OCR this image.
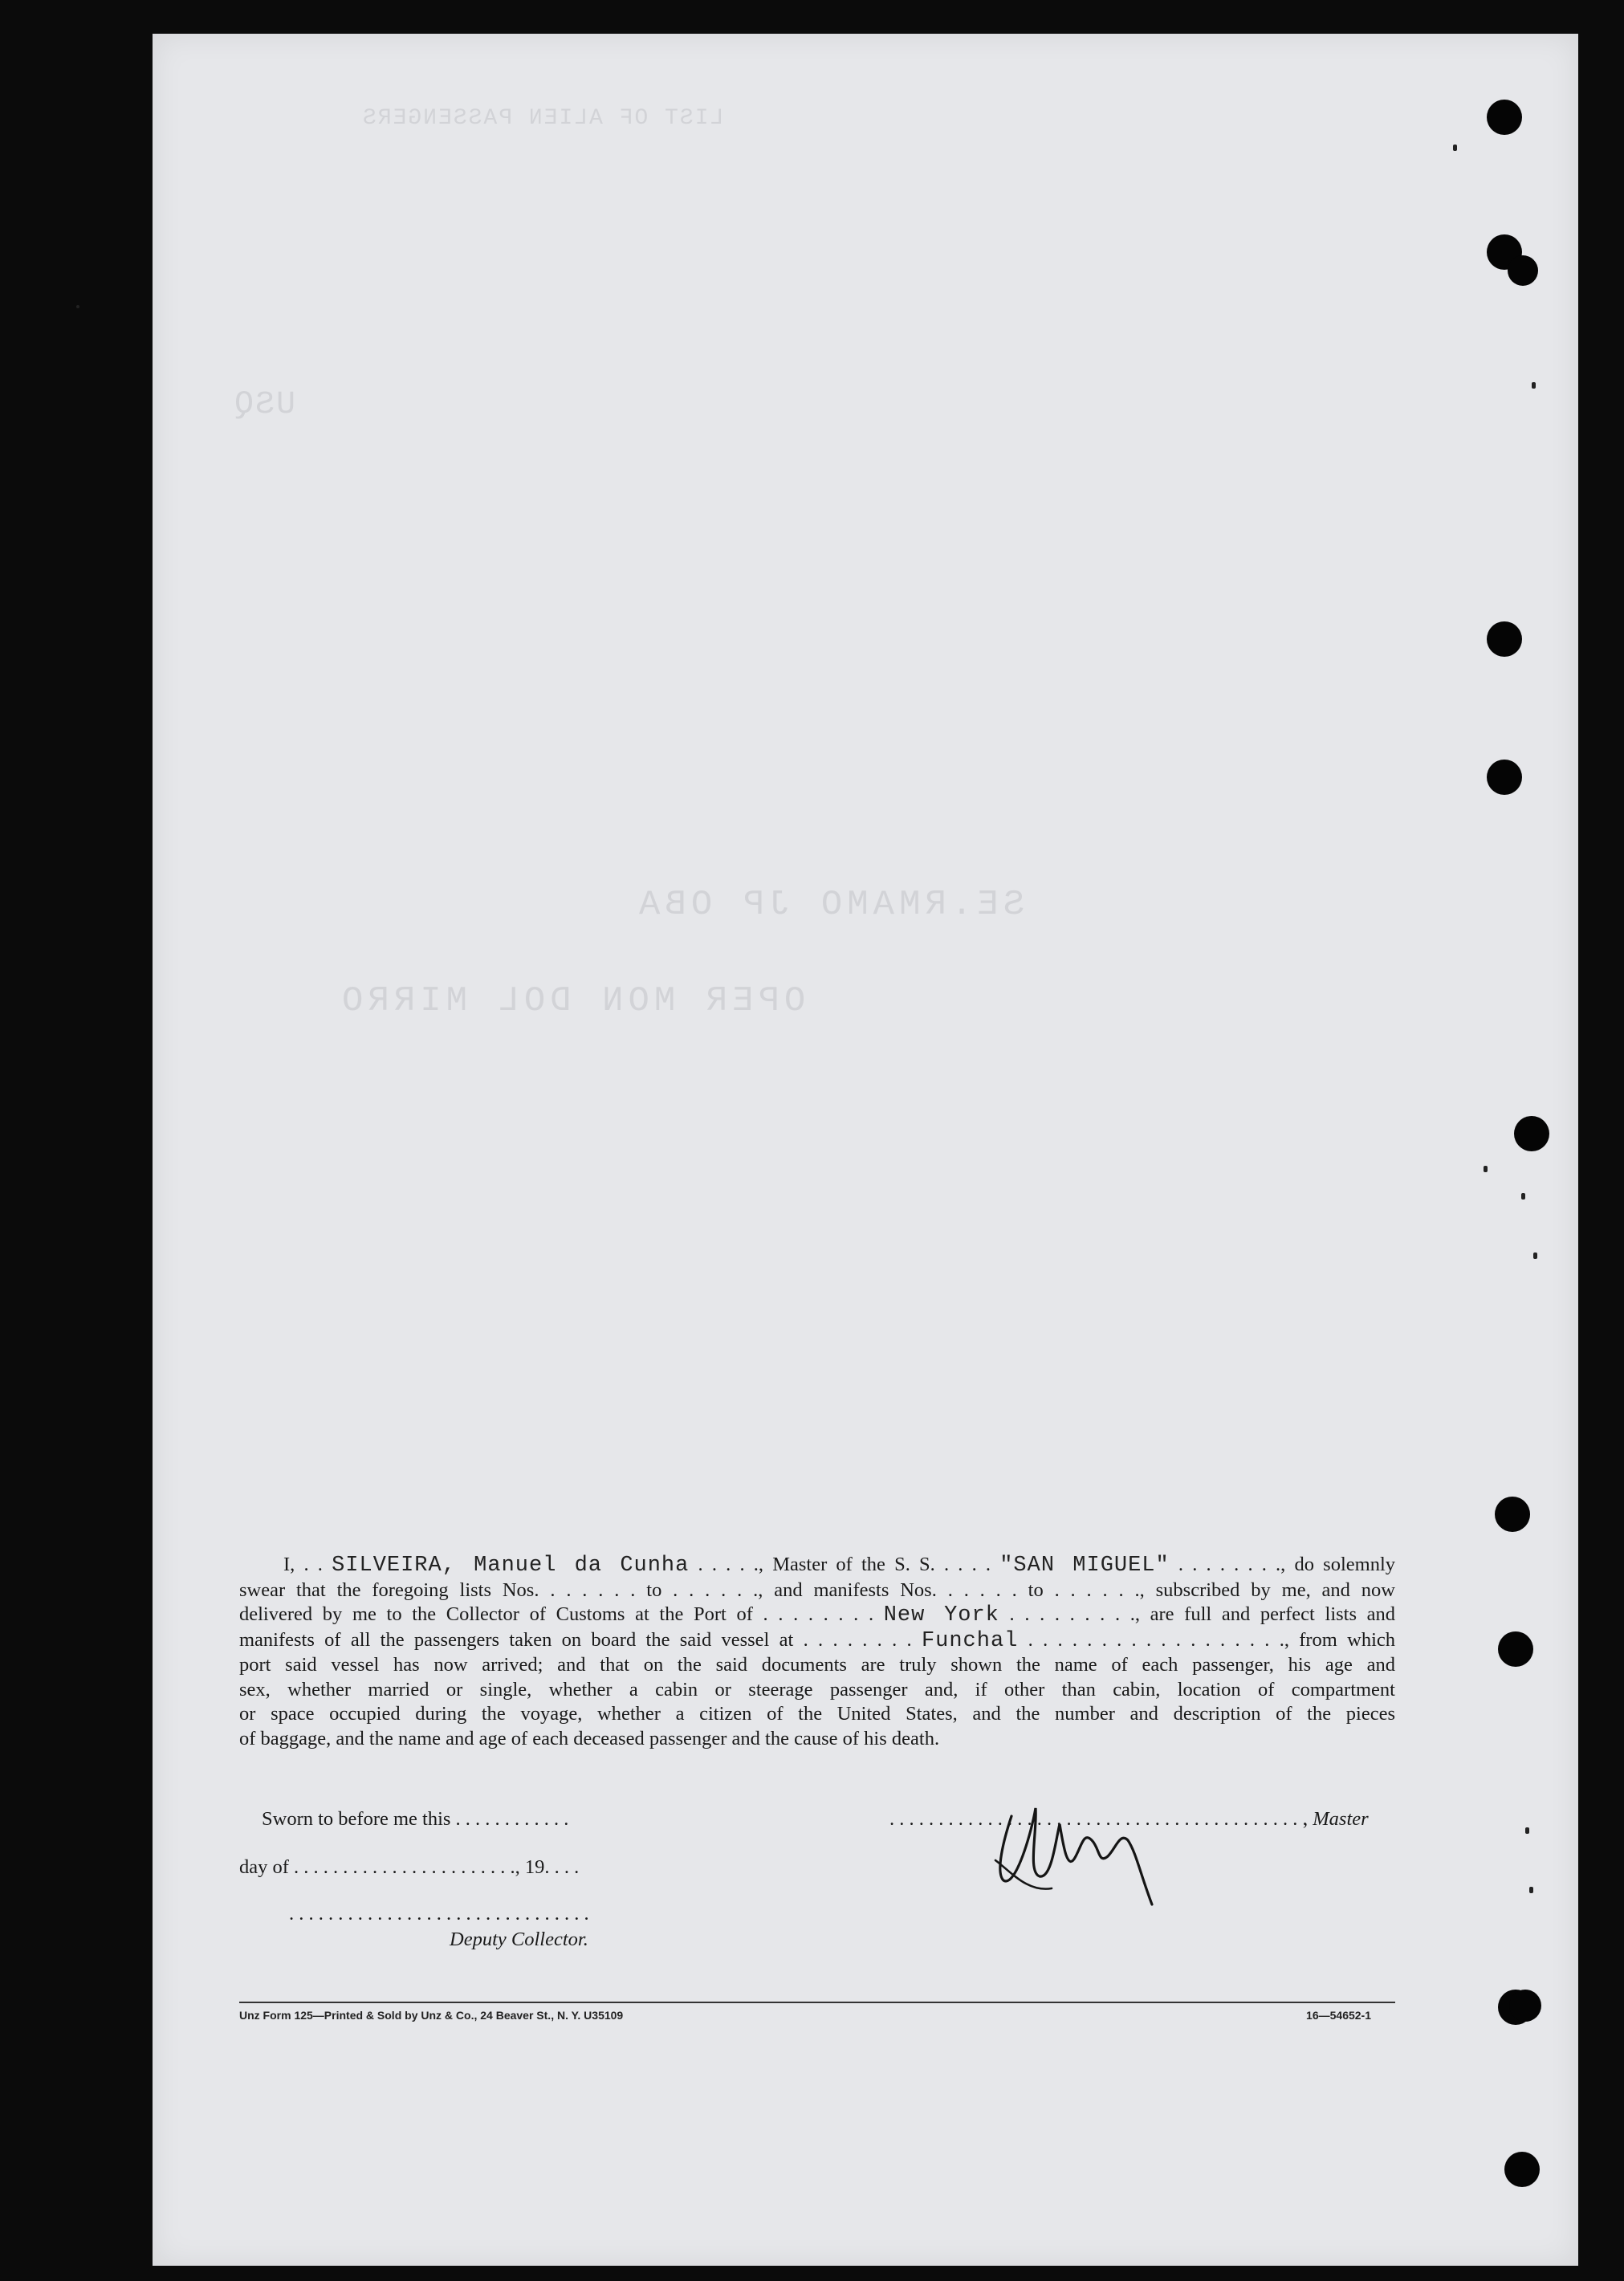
LIST OF ALIEN PASSENGERS
USQ
SE.RMAMO JP OBA
OPER MON DOL MIRRO

I, . . SILVEIRA, Manuel da Cunha . . . . ., Master of the S. S. . . . . "SAN MIGUEL" . . . . . . . ., do solemnly

swear that the foregoing lists Nos. . . . . . . to . . . . . ., and manifests Nos. . . . . . to . . . . . ., subscribed by me, and now

delivered by me to the Collector of Customs at the Port of . . . . . . . . New York . . . . . . . . ., are full and perfect lists and

manifests of all the passengers taken on board the said vessel at . . . . . . . . Funchal . . . . . . . . . . . . . . . . . ., from which

port said vessel has now arrived; and that on the said documents are truly shown the name of each passenger, his age and

sex, whether married or single, whether a cabin or steerage passenger and, if other than cabin, location of compartment

or space occupied during the voyage, whether a citizen of the United States, and the number and description of the pieces

of baggage, and the name and age of each deceased passenger and the cause of his death.

Sworn to before me this . . . . . . . . . . . .
day of . . . . . . . . . . . . . . . . . . . . . . ., 19. . . .
. . . . . . . . . . . . . . . . . . . . . . . . . . . . . . .
Deputy Collector.
. . . . . . . . . . . . . . . . . . . . . . . . . . . . . . . . . . . . . . . . . . .
, Master
Unz Form 125—Printed & Sold by Unz & Co., 24 Beaver St., N. Y. U35109	16—54652-1
